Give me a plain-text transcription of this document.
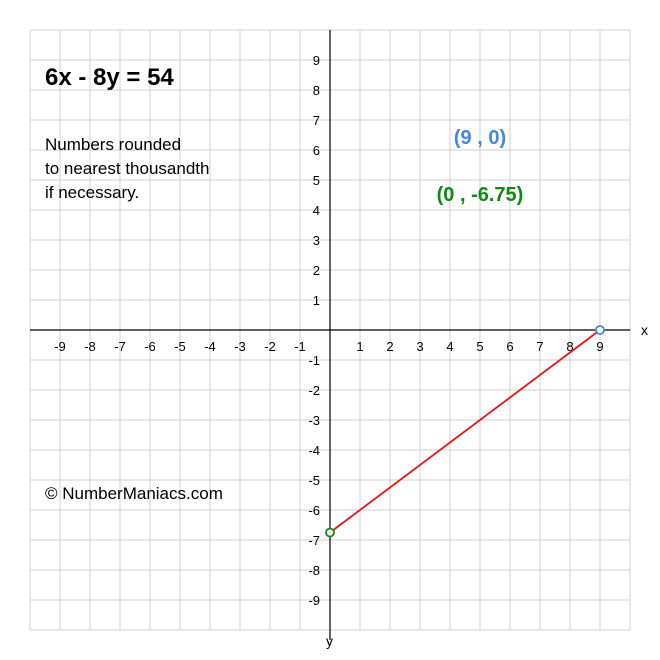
x
y
-9 -8 -7 -6 -5 -4 -3 -2 -1	1 2 3 4 5 6 7 8 9
9
8
7
6
5
4
3
2
1
-1
-2
-3
-4
-5
-6
-7
-8
-9
6x - 8y = 54
Numbers rounded
to nearest thousandth
if necessary.
© NumberManiacs.com
(9 , 0)
(0 , -6.75)
